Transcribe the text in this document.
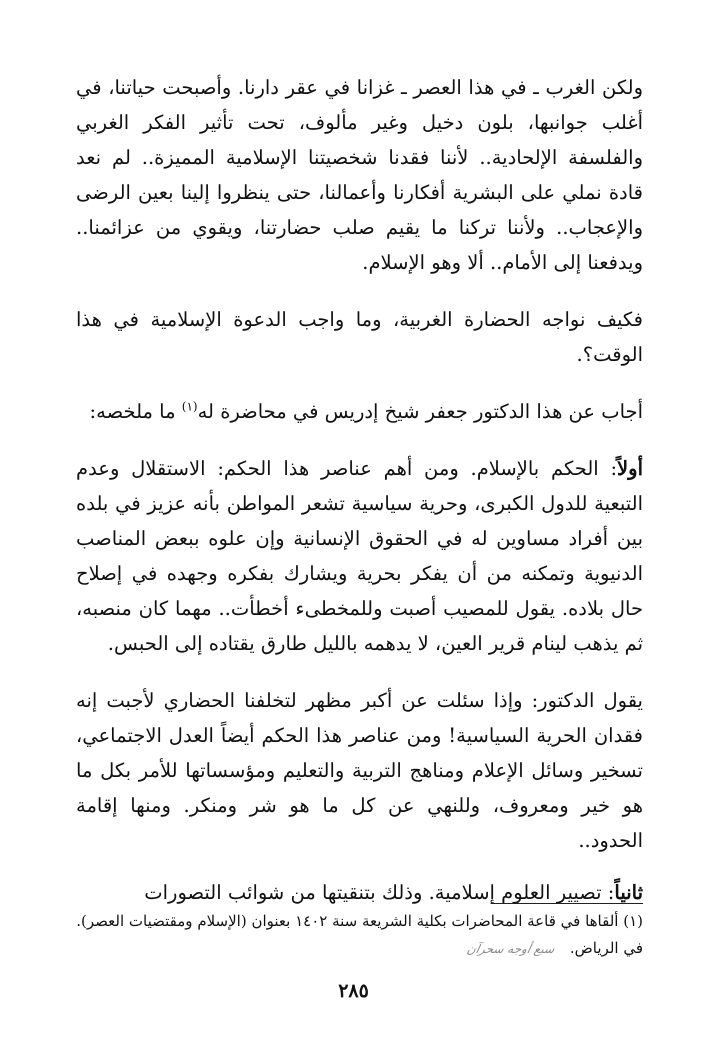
ولكن الغرب ـ في هذا العصر ـ غزانا في عقر دارنا. وأصبحت حياتنا، في أغلب جوانبها، بلون دخيل وغير مألوف، تحت تأثير الفكر الغربي والفلسفة الإلحادية.. لأننا فقدنا شخصيتنا الإسلامية المميزة.. لم نعد قادة نملي على البشرية أفكارنا وأعمالنا، حتى ينظروا إلينا بعين الرضى والإعجاب.. ولأننا تركنا ما يقيم صلب حضارتنا، ويقوي من عزائمنا.. ويدفعنا إلى الأمام.. ألا وهو الإسلام.

فكيف نواجه الحضارة الغربية، وما واجب الدعوة الإسلامية في هذا الوقت؟.

أجاب عن هذا الدكتور جعفر شيخ إدريس في محاضرة له$^{(١)}$ ما ملخصه:

أولاً: الحكم بالإسلام. ومن أهم عناصر هذا الحكم: الاستقلال وعدم التبعية للدول الكبرى، وحرية سياسية تشعر المواطن بأنه عزيز في بلده بين أفراد مساوين له في الحقوق الإنسانية وإن علوه ببعض المناصب الدنيوية وتمكنه من أن يفكر بحرية ويشارك بفكره وجهده في إصلاح حال بلاده. يقول للمصيب أصبت وللمخطىء أخطأت.. مهما كان منصبه، ثم يذهب لينام قرير العين، لا يدهمه بالليل طارق يقتاده إلى الحبس.

يقول الدكتور: وإذا سئلت عن أكبر مظهر لتخلفنا الحضاري لأجبت إنه فقدان الحرية السياسية! ومن عناصر هذا الحكم أيضاً العدل الاجتماعي، تسخير وسائل الإعلام ومناهج التربية والتعليم ومؤسساتها للأمر بكل ما هو خير ومعروف، وللنهي عن كل ما هو شر ومنكر. ومنها إقامة الحدود..

ثانياً: تصيير العلوم إسلامية. وذلك بتنقيتها من شوائب التصورات

(١) ألقاها في قاعة المحاضرات بكلية الشريعة سنة ١٤٠٢ بعنوان (الإسلام ومقتضيات العصر).
في الرياض.سبع أوجه سحرآن
٢٨٥
